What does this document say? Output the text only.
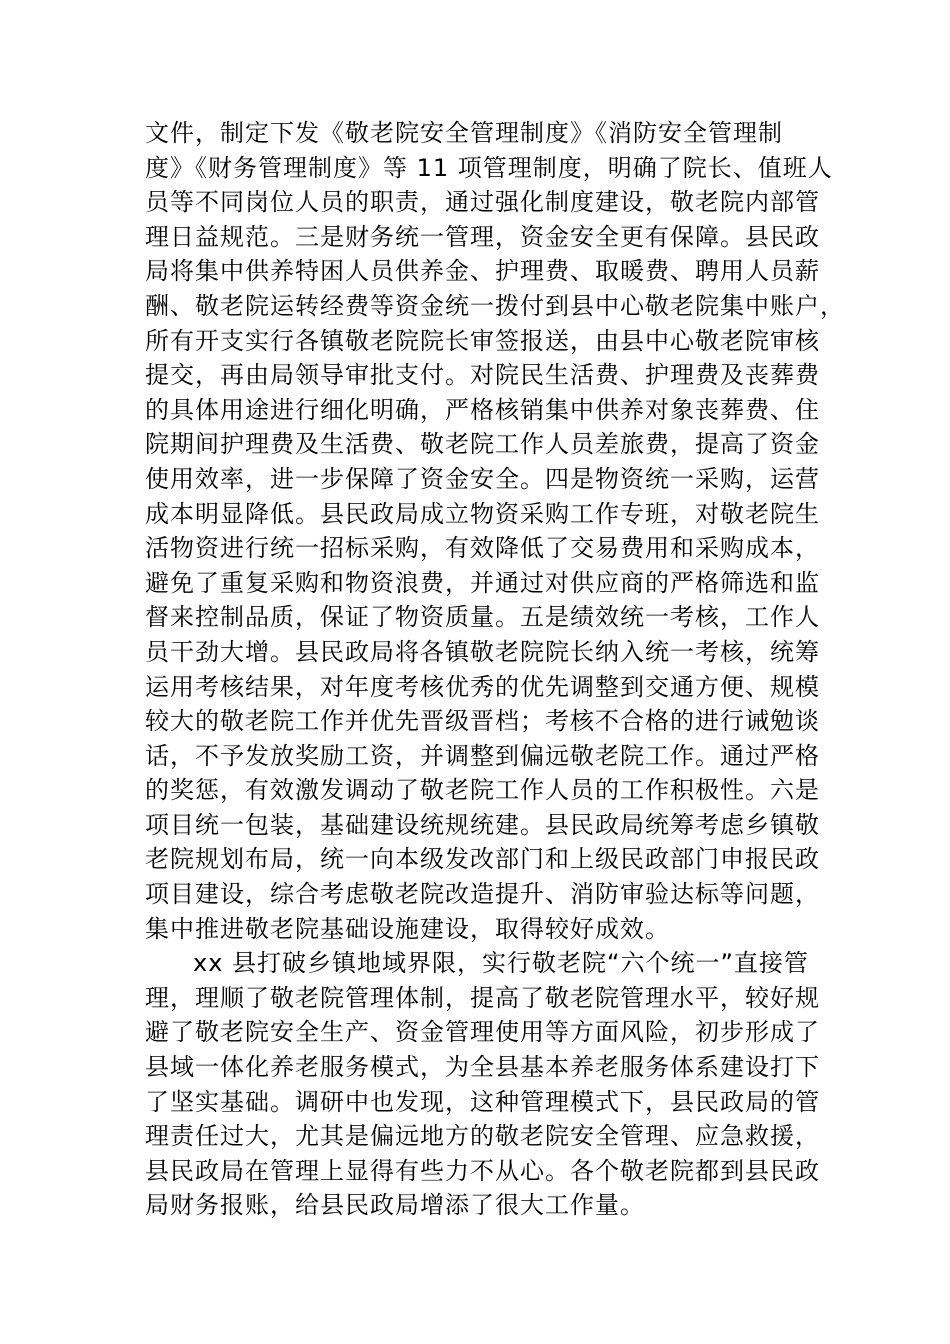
文件，制定下发《敬老院安全管理制度》《消防安全管理制
度》《财务管理制度》等 11 项管理制度，明确了院长、值班人
员等不同岗位人员的职责，通过强化制度建设，敬老院内部管
理日益规范。三是财务统一管理，资金安全更有保障。县民政
局将集中供养特困人员供养金、护理费、取暖费、聘用人员薪
酬、敬老院运转经费等资金统一拨付到县中心敬老院集中账户，
所有开支实行各镇敬老院院长审签报送，由县中心敬老院审核
提交，再由局领导审批支付。对院民生活费、护理费及丧葬费
的具体用途进行细化明确，严格核销集中供养对象丧葬费、住
院期间护理费及生活费、敬老院工作人员差旅费，提高了资金
使用效率，进一步保障了资金安全。四是物资统一采购，运营
成本明显降低。县民政局成立物资采购工作专班，对敬老院生
活物资进行统一招标采购，有效降低了交易费用和采购成本，
避免了重复采购和物资浪费，并通过对供应商的严格筛选和监
督来控制品质，保证了物资质量。五是绩效统一考核，工作人
员干劲大增。县民政局将各镇敬老院院长纳入统一考核，统筹
运用考核结果，对年度考核优秀的优先调整到交通方便、规模
较大的敬老院工作并优先晋级晋档；考核不合格的进行诫勉谈
话，不予发放奖励工资，并调整到偏远敬老院工作。通过严格
的奖惩，有效激发调动了敬老院工作人员的工作积极性。六是
项目统一包装，基础建设统规统建。县民政局统筹考虑乡镇敬
老院规划布局，统一向本级发改部门和上级民政部门申报民政
项目建设，综合考虑敬老院改造提升、消防审验达标等问题，
集中推进敬老院基础设施建设，取得较好成效。
xx 县打破乡镇地域界限，实行敬老院“六个统一”直接管
理，理顺了敬老院管理体制，提高了敬老院管理水平，较好规
避了敬老院安全生产、资金管理使用等方面风险，初步形成了
县域一体化养老服务模式，为全县基本养老服务体系建设打下
了坚实基础。调研中也发现，这种管理模式下，县民政局的管
理责任过大，尤其是偏远地方的敬老院安全管理、应急救援，
县民政局在管理上显得有些力不从心。各个敬老院都到县民政
局财务报账，给县民政局增添了很大工作量。
